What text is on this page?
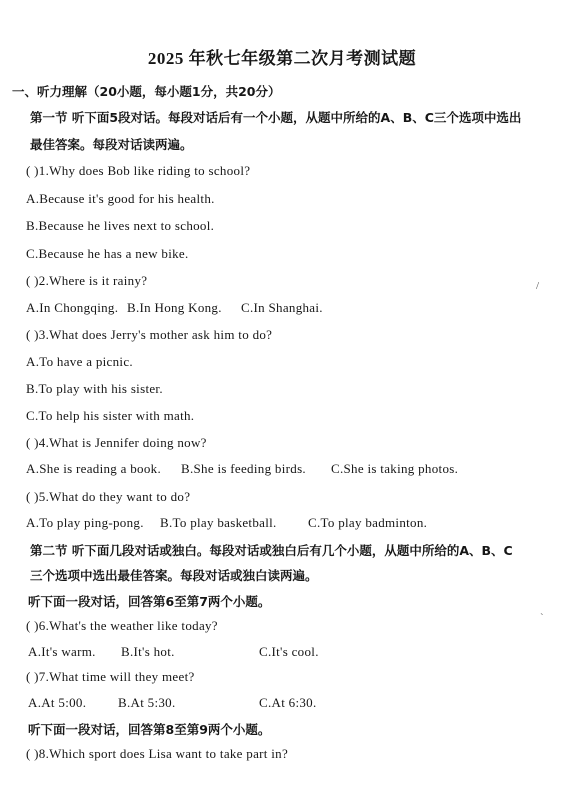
2025 年秋七年级第二次月考测试题
一、听力理解（20小题，每小题1分，共20分）
第一节 听下面5段对话。每段对话后有一个小题，从题中所给的A、B、C三个选项中选出
最佳答案。每段对话读两遍。
( )1.Why does Bob like riding to school?
A.Because it's good for his health.
B.Because he lives next to school.
C.Because he has a new bike.
( )2.Where is it rainy?
A.In Chongqing. B.In Hong Kong. C.In Shanghai.
( )3.What does Jerry's mother ask him to do?
A.To have a picnic.
B.To play with his sister.
C.To help his sister with math.
( )4.What is Jennifer doing now?
A.She is reading a book. B.She is feeding birds. C.She is taking photos.
( )5.What do they want to do?
A.To play ping-pong. B.To play basketball. C.To play badminton.
第二节 听下面几段对话或独白。每段对话或独白后有几个小题，从题中所给的A、B、C
三个选项中选出最佳答案。每段对话或独白读两遍。
听下面一段对话，回答第6至第7两个小题。
( )6.What's the weather like today?
A.It's warm. B.It's hot.	C.It's cool.
( )7.What time will they meet?
A.At 5:00. B.At 5:30.	C.At 6:30.
听下面一段对话，回答第8至第9两个小题。
( )8.Which sport does Lisa want to take part in?
/
`
